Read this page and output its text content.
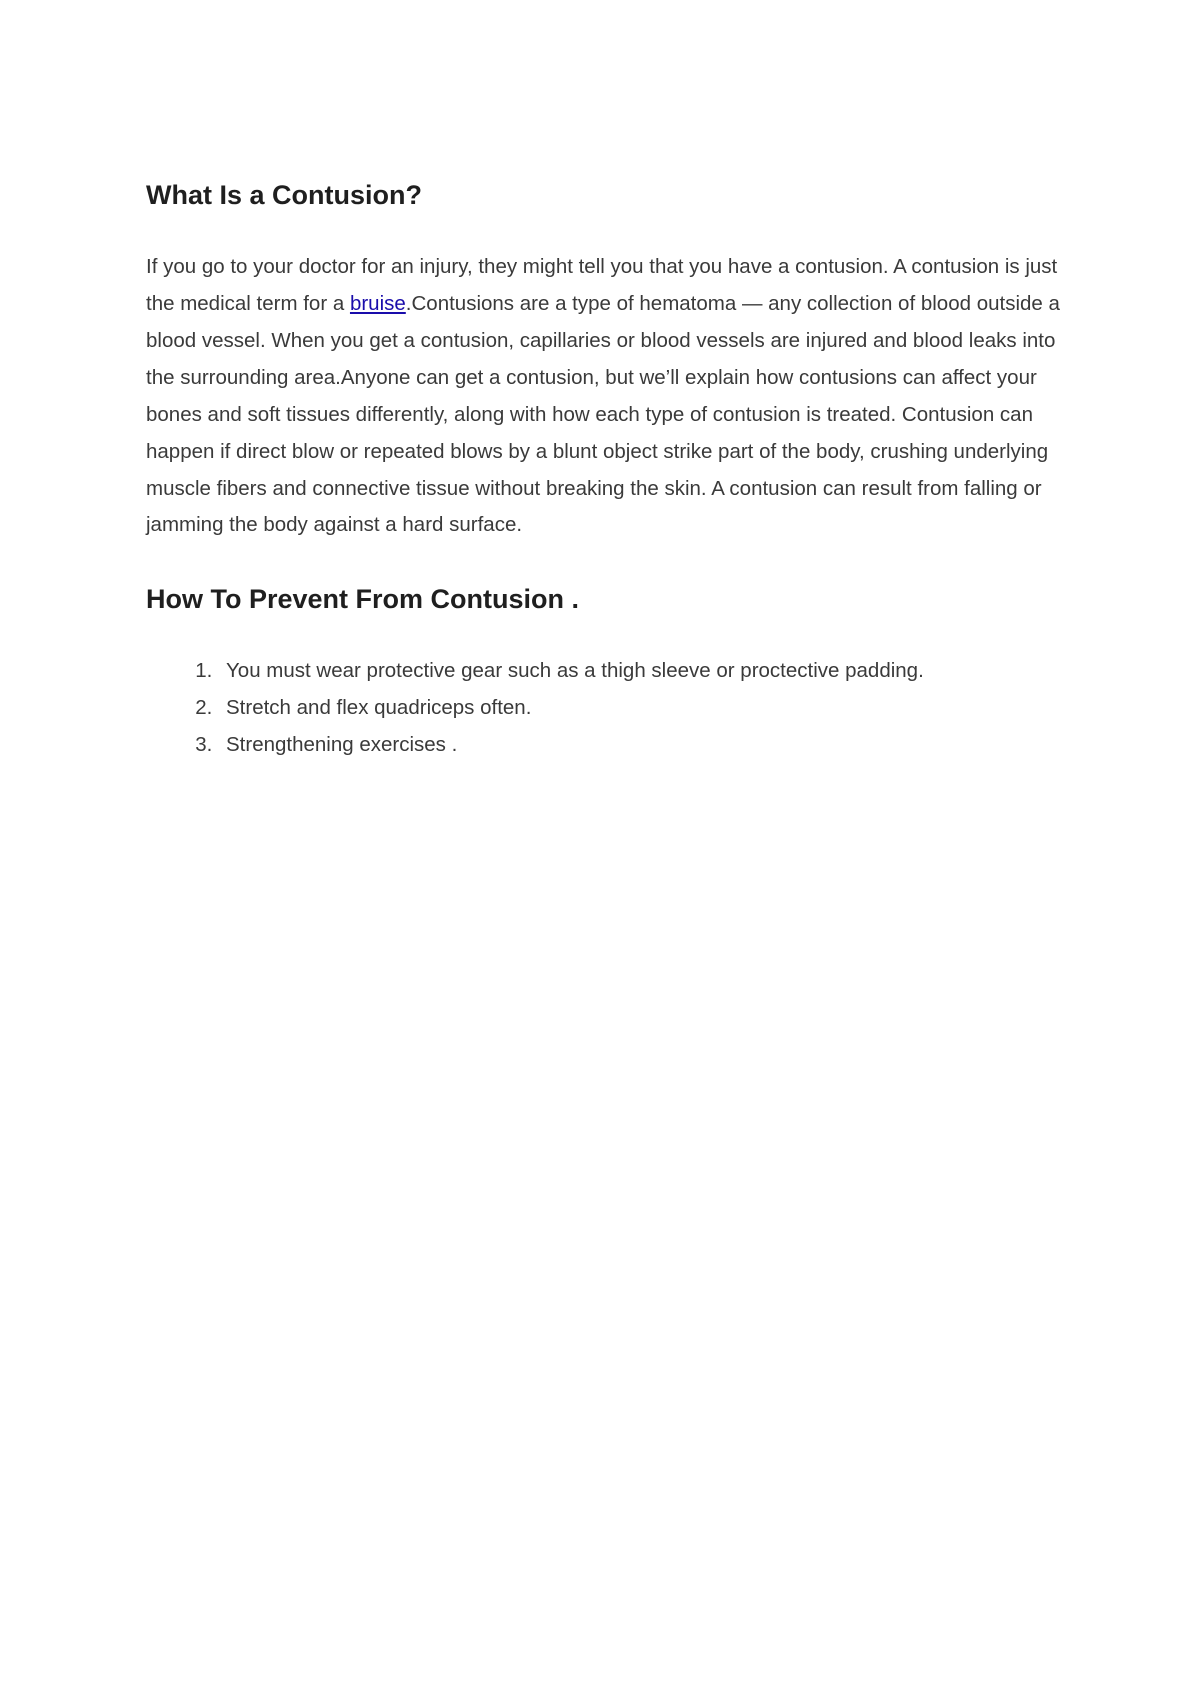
What Is a Contusion?

If you go to your doctor for an injury, they might tell you that you have a contusion. A contusion is just the medical term for a bruise.Contusions are a type of hematoma — any collection of blood outside a blood vessel. When you get a contusion, capillaries or blood vessels are injured and blood leaks into the surrounding area.Anyone can get a contusion, but we’ll explain how contusions can affect your bones and soft tissues differently, along with how each type of contusion is treated. Contusion can happen if direct blow or repeated blows by a blunt object strike part of the body, crushing underlying muscle fibers and connective tissue without breaking the skin. A contusion can result from falling or jamming the body against a hard surface.

How To Prevent From Contusion .
1. You must wear protective gear such as a thigh sleeve or proctective padding.
2. Stretch and flex quadriceps often.
3. Strengthening exercises .
